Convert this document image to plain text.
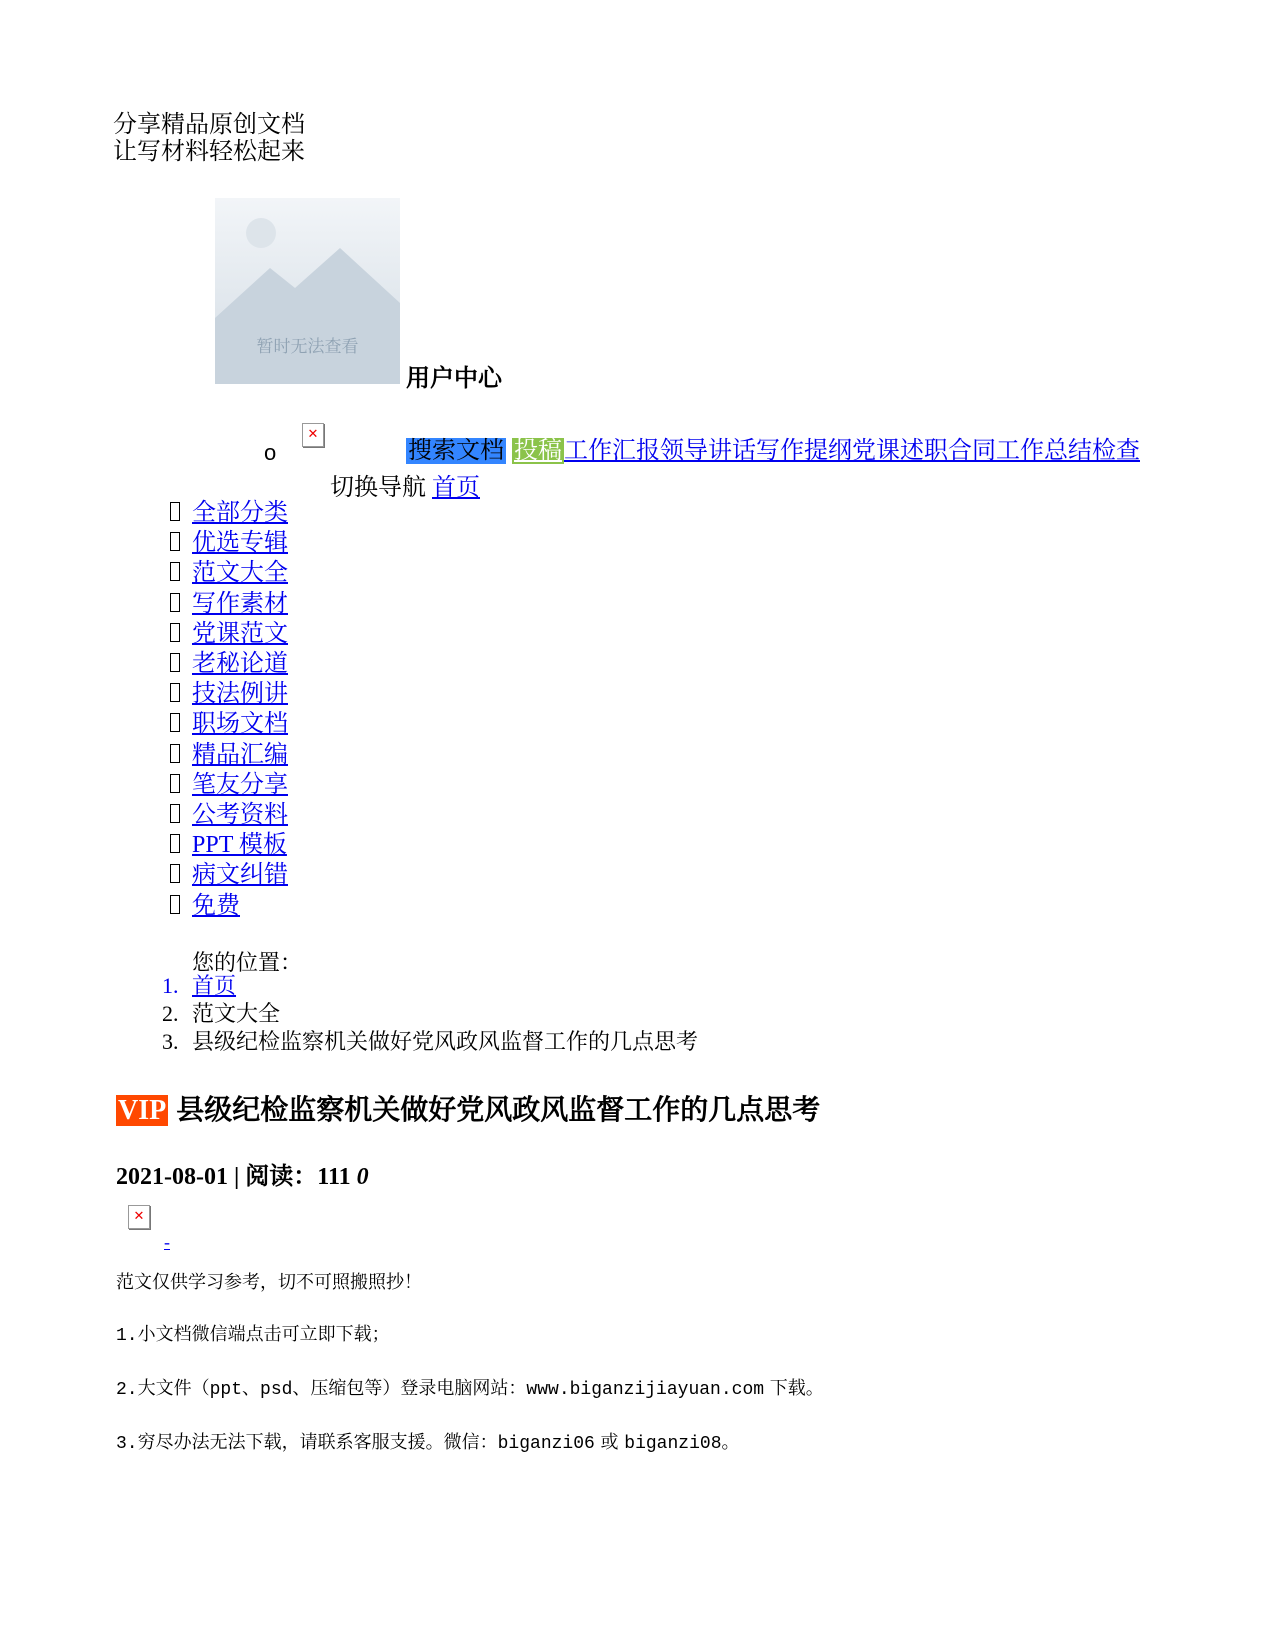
分享精品原创文档
让写材料轻松起来
暂时无法查看
用户中心
o
✕
搜索文档 投稿工作汇报领导讲话写作提纲党课述职合同工作总结检查
切换导航 首页
全部分类
优选专辑
范文大全
写作素材
党课范文
老秘论道
技法例讲
职场文档
精品汇编
笔友分享
公考资料
PPT 模板
病文纠错
免费
您的位置：
1. 首页
2. 范文大全
3. 县级纪检监察机关做好党风政风监督工作的几点思考
VIP 县级纪检监察机关做好党风政风监督工作的几点思考
2021-08-01 | 阅读：111 0
✕
-
范文仅供学习参考，切不可照搬照抄！
1.小文档微信端点击可立即下载；
2.大文件（ppt、psd、压缩包等）登录电脑网站：www.biganzijiayuan.com 下载。
3.穷尽办法无法下载，请联系客服支援。微信：biganzi06 或 biganzi08。
